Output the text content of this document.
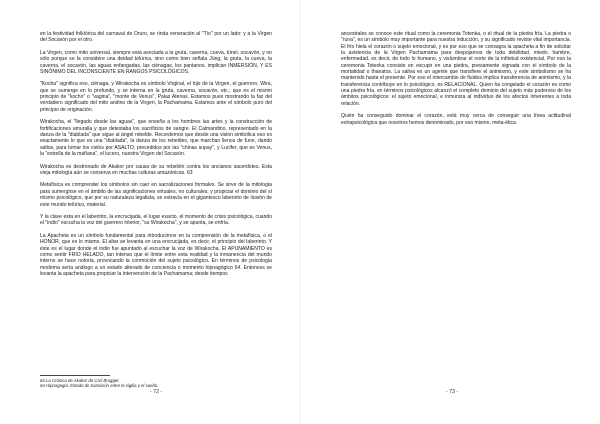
en la festividad folklórica del carnaval de Oruro, se rinda veneración al "Tío" por un lado: y a la Virgen del Socavón por el otro.

La Virgen, como mito universal, siempre está asociada a la gruta, caverna, cueva, túnel, socavón, y no sólo porque se la considere una deidad telúrica, sino como bien señala Jüng, la gruta, la cueva, la caverna, el socavón, las aguas enfangadas, las ciénagas, los pantanos, implican INMERSIÓN, Y ES SINÓNIMO DEL INCONSCIENTE EN RANGOS PSICOLÓGICOS.

"Kocha" significa eso, ciénaga, y Wirakocha es símbolo Virginal, el hijo de la Virgen, el guerrero, Wira, que se sumerge en lo profundo, y se interna en la gruta, caverna, socavón, etc.; que es el mismo principio de "kocho" o "vagina", "monte de Venus", Palas Atenas. Estamos pues mostrando la faz del verdadero significado del mito andino de la Virgen, la Pachamama. Estamos ante el símbolo puro del principio de originación.

Wirakocha, el "llegado desde las aguas", que enseña a los hombres las artes y la construcción de fortificaciones amuralla y que detestaba los sacrificios de sangre. El Calmandino, representado en la danza de la "diablada" que sigue al ángel rebelde. Recordemos que desde una visión simbólica eso es exactamente lo que es una "diablada", la danza de los rebeldes, que marchan llenos de furor, dando saltos, para tomar los cielos por ASALTO, precedidos por las "chinas supay", y Lucifer, que es Venus, la "estrella de la mañana", el lucero, nuestra Virgen del Socavón.

Wirakocha es destronado de Akakor por causa de su rebelión contra los ancianos sacerdotes. Esta vieja mitología aún se conserva en muchas culturas amazónicas. 63

Metafísica es comprender los símbolos sin caer en sacralizaciones formales. Se sirve de la mitología para sumergirse en el ámbito de las significaciones virtuales, no culturales, y propiciar el dominio del sí mismo psicológico, que por su naturaleza legalista, se extravía en el gigantesco laberinto de ilusión de este mundo telúrico, material.

Y la clave esta en el laberinto, la encrucijada, el lugar exacto, el momento de crisis psicológica, cuando el "indio" escucha la voz del guerrero interior, "su Wirakocha", y se apunta, se enfría.

La Apacheta es un símbolo fundamental para introducirnos en la comprensión de la metafísica, o el HONOR, que es lo mismo. El altar se levanta en una encrucijada, es decir, el principio del laberinto. Y éste es el lugar donde el indio fue apuntado al escuchar la voz de Wirakocha. El APUNAMIENTO es como sentir FRIO HELADO, tan intenso que el límite entre esta realidad y la inmanencia del mundo interno se hace notoria, provocando la conmoción del sujeto psicológico. En términos de psicología moderna sería análogo a un estado alterado de conciencia o momento hipnagógico 64. Entonces se levanta la apacheta para propiciar la intervención de la Pachamama; desde tiempos

63 La Crónica de Akakor de Carl Brugger.
64 Hipnagogia: Estado de transición entre la vigilia y el sueño.
- 72 -

ancestrales se conoce este ritual como la ceremonia Totenka, o el ritual de la piedra fría. La piedra o "runa", es un símbolo muy importante para nuestra inducción, y su significado reviste vital importancia. El frío hiela el corazón o sujeto emocional, y es por eso que se consagra la apacheta a fin de solicitar la asistencia de la Virgen Pachamama para despojarnos de toda debilidad, miedo, hambre, enfermedad, es decir, de todo lo humano, y vislumbrar el norte de la infinitud existencial. Por eso la ceremonia Totenka consiste en escupir en una piedra, previamente signada con el símbolo de la mortalidad o thanatos. La saliva es un agente que transfiere el animismo, y este simbolismo se ha mantenido hasta el presente. Por eso el intercambio de fluidos implica transferencia de animismo, y la transferencia contribuye en lo psicológico, es RELACIONAL. Quien ha congelado el corazón es como una piedra fría, en términos psicológicos alcanzó el completo dominio del sujeto más poderoso de los ámbitos psicológicos: el sujeto emocional, e inmuniza al individuo de los afectos inherentes a toda relación.

Quién ha conseguido dominar el corazón, está muy cerca de conseguir una línea actitudinal extrapsicológica que nosotros hemos denominado, por eso mismo, meta-ética.

- 73 -
